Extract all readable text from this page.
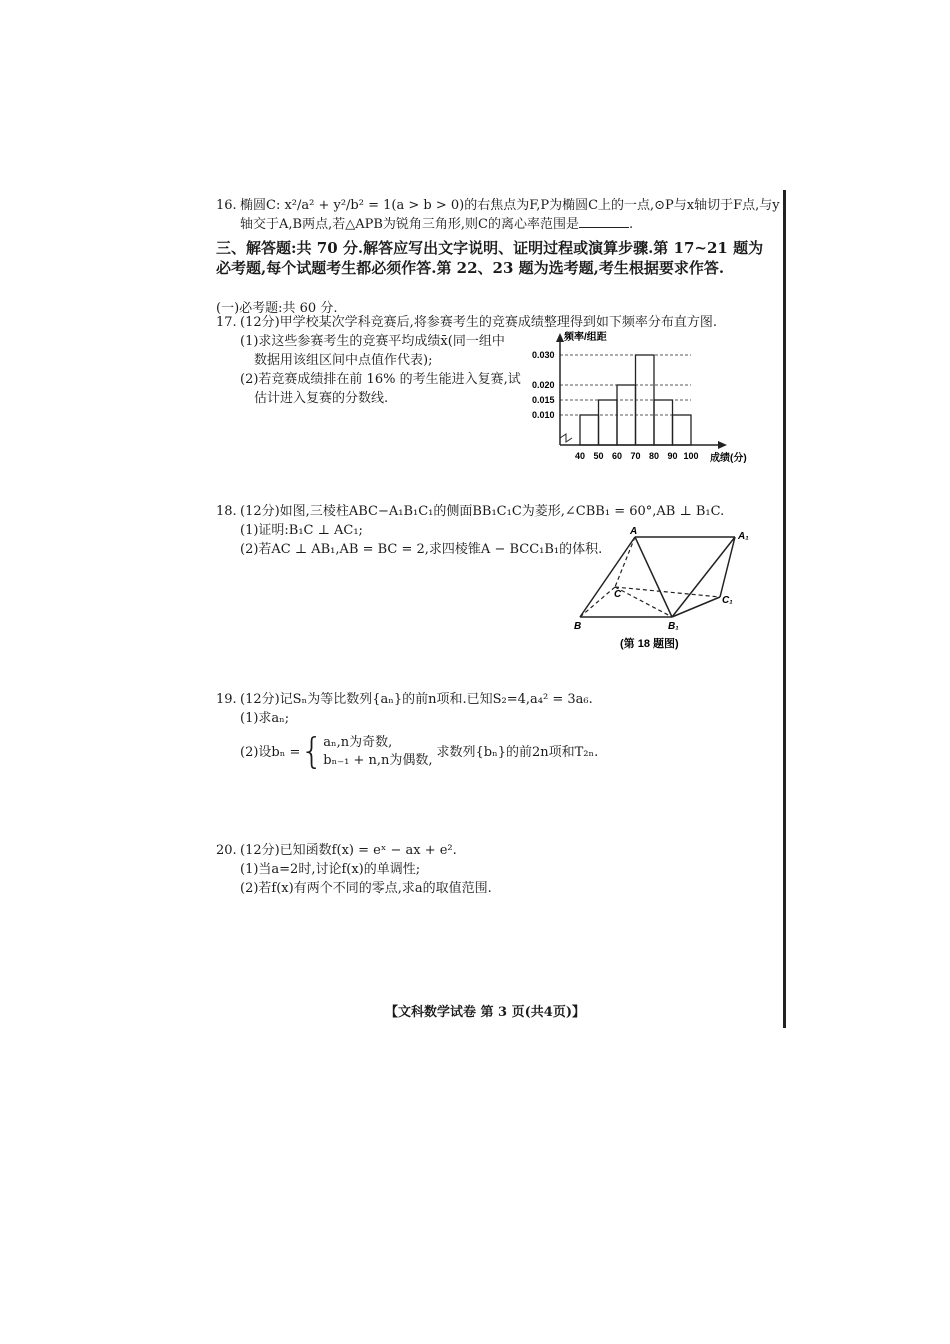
16. 椭圆C: x²/a² + y²/b² = 1(a > b > 0)的右焦点为F,P为椭圆C上的一点,⊙P与x轴切于F点,与y
轴交于A,B两点,若△APB为锐角三角形,则C的离心率范围是	.
三、解答题:共 70 分.解答应写出文字说明、证明过程或演算步骤.第 17~21 题为必考题,每个试题考生都必须作答.第 22、23 题为选考题,考生根据要求作答.
(一)必考题:共 60 分.
17. (12分)甲学校某次学科竞赛后,将参赛考生的竞赛成绩整理得到如下频率分布直方图.
(1)求这些参赛考生的竞赛平均成绩x̄(同一组中
数据用该组区间中点值作代表);
(2)若竞赛成绩排在前 16% 的考生能进入复赛,试
估计进入复赛的分数线.
0.010
0.015
0.020
0.030
40 50 60 70 80 90 100
频率/组距
成绩(分)
18. (12分)如图,三棱柱ABC−A₁B₁C₁的侧面BB₁C₁C为菱形,∠CBB₁ = 60°,AB ⊥ B₁C.
(1)证明:B₁C ⊥ AC₁;
(2)若AC ⊥ AB₁,AB = BC = 2,求四棱锥A − BCC₁B₁的体积.
A	A₁
B	B₁
C
C₁
(第 18 题图)
19. (12分)记Sₙ为等比数列{aₙ}的前n项和.已知S₂=4,a₄² = 3a₆.
(1)求aₙ;
(2)设bₙ = { aₙ,n为奇数,
bₙ₋₁ + n,n为偶数,
求数列{bₙ}的前2n项和T₂ₙ.
20. (12分)已知函数f(x) = eˣ − ax + e².
(1)当a=2时,讨论f(x)的单调性;
(2)若f(x)有两个不同的零点,求a的取值范围.
【文科数学试卷 第 3 页(共4页)】
